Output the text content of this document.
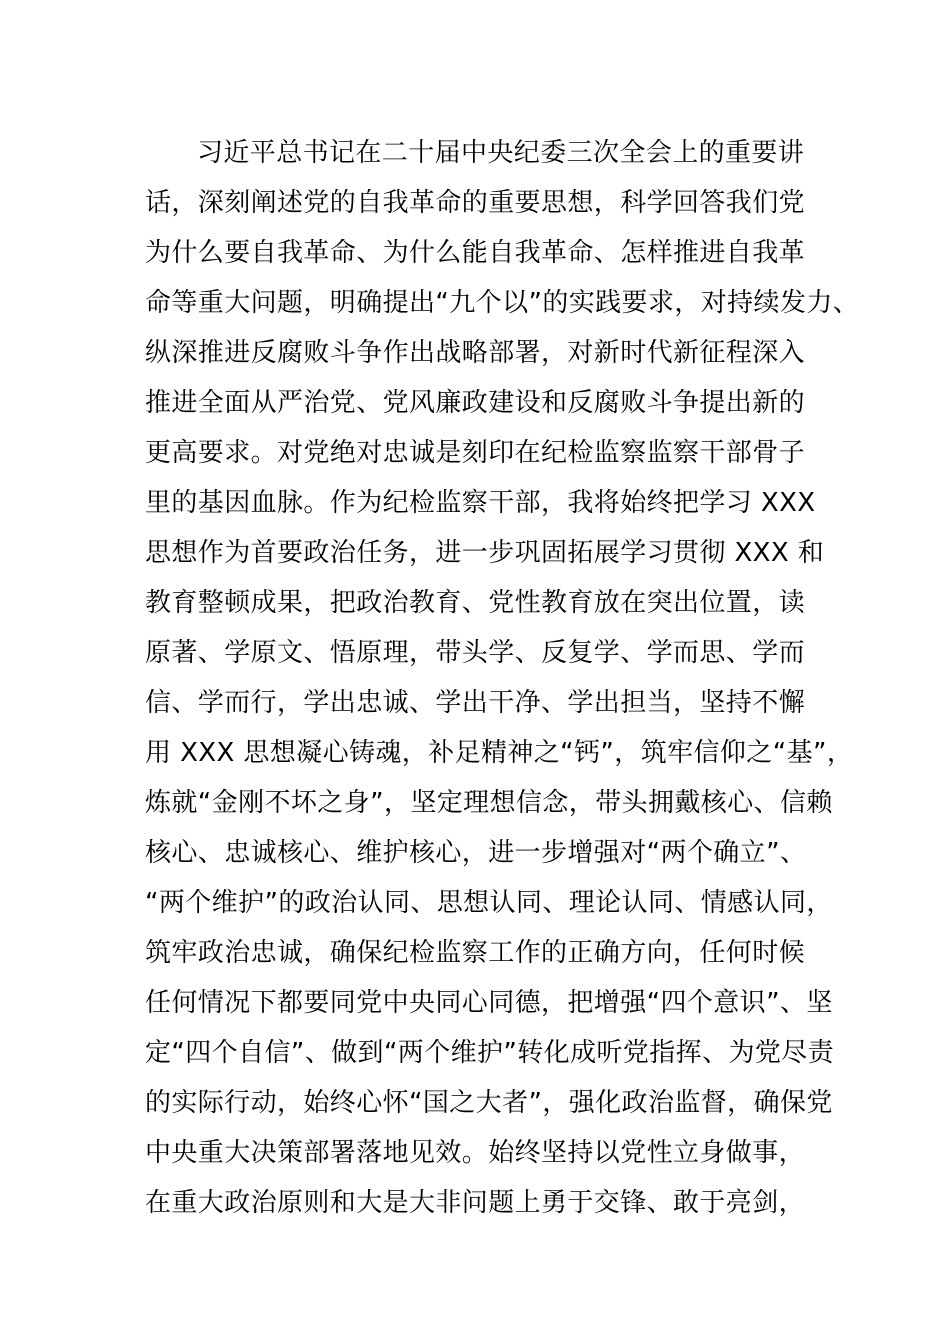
习近平总书记在二十届中央纪委三次全会上的重要讲
话，深刻阐述党的自我革命的重要思想，科学回答我们党
为什么要自我革命、为什么能自我革命、怎样推进自我革
命等重大问题，明确提出“九个以”的实践要求，对持续发力、
纵深推进反腐败斗争作出战略部署，对新时代新征程深入
推进全面从严治党、党风廉政建设和反腐败斗争提出新的
更高要求。对党绝对忠诚是刻印在纪检监察监察干部骨子
里的基因血脉。作为纪检监察干部，我将始终把学习 XXX
思想作为首要政治任务，进一步巩固拓展学习贯彻 XXX 和
教育整顿成果，把政治教育、党性教育放在突出位置，读
原著、学原文、悟原理，带头学、反复学、学而思、学而
信、学而行，学出忠诚、学出干净、学出担当，坚持不懈
用 XXX 思想凝心铸魂，补足精神之“钙”，筑牢信仰之“基”，
炼就“金刚不坏之身”，坚定理想信念，带头拥戴核心、信赖
核心、忠诚核心、维护核心，进一步增强对“两个确立”、
“两个维护”的政治认同、思想认同、理论认同、情感认同，
筑牢政治忠诚，确保纪检监察工作的正确方向，任何时候
任何情况下都要同党中央同心同德，把增强“四个意识”、坚
定“四个自信”、做到“两个维护”转化成听党指挥、为党尽责
的实际行动，始终心怀“国之大者”，强化政治监督，确保党
中央重大决策部署落地见效。始终坚持以党性立身做事，
在重大政治原则和大是大非问题上勇于交锋、敢于亮剑，
